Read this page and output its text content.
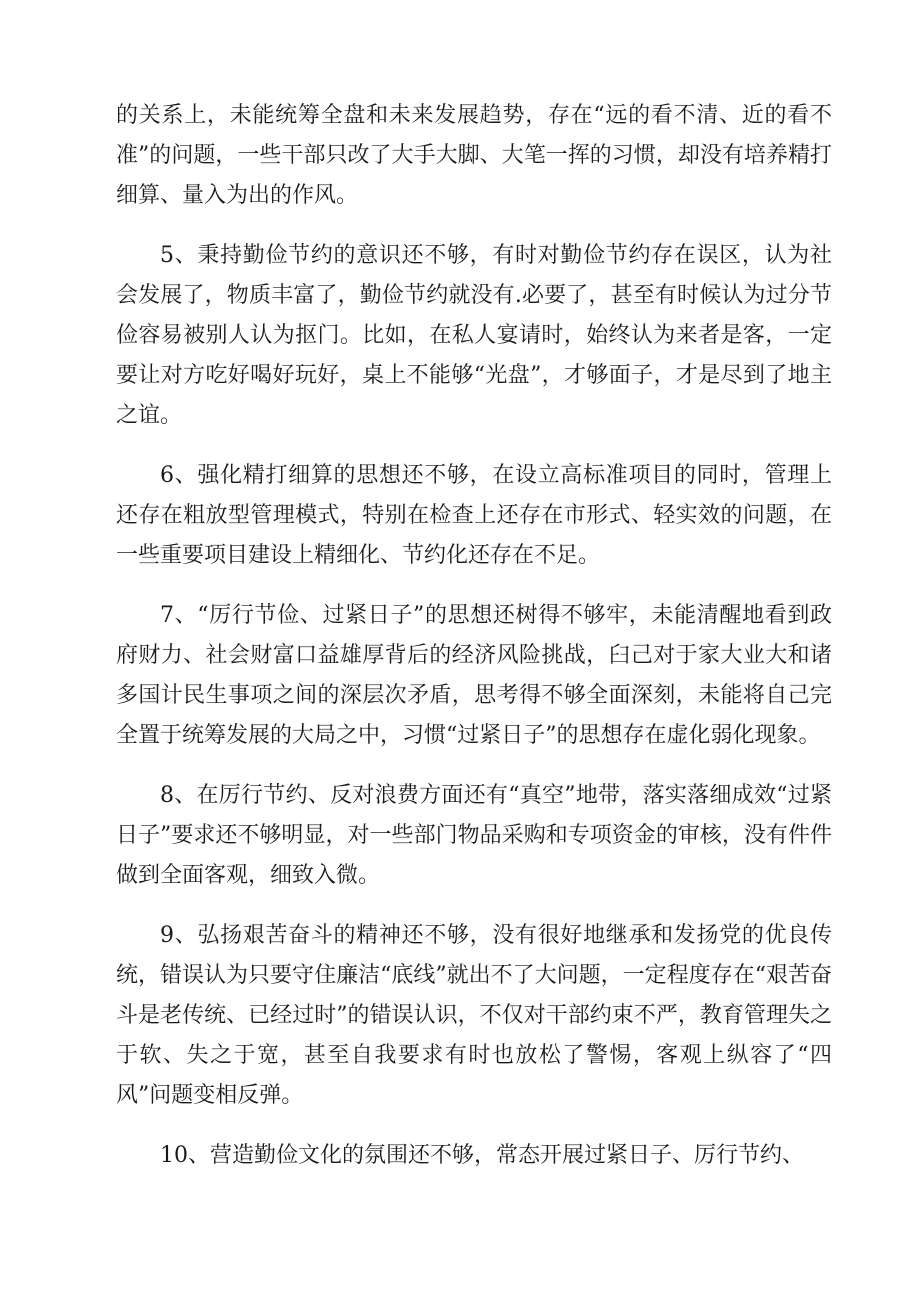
的关系上，未能统筹全盘和未来发展趋势，存在“远的看不清、近的看不准”的问题，一些干部只改了大手大脚、大笔一挥的习惯，却没有培养精打细算、量入为出的作风。

5、秉持勤俭节约的意识还不够，有时对勤俭节约存在误区，认为社会发展了，物质丰富了，勤俭节约就没有.必要了，甚至有时候认为过分节俭容易被别人认为抠门。比如，在私人宴请时，始终认为来者是客，一定要让对方吃好喝好玩好，桌上不能够“光盘”，才够面子，才是尽到了地主之谊。

6、强化精打细算的思想还不够，在设立高标准项目的同时，管理上还存在粗放型管理模式，特别在检查上还存在市形式、轻实效的问题，在一些重要项目建设上精细化、节约化还存在不足。

7、“厉行节俭、过紧日子”的思想还树得不够牢，未能清醒地看到政府财力、社会财富口益雄厚背后的经济风险挑战，臼己对于家大业大和诸多国计民生事项之间的深层次矛盾，思考得不够全面深刻，未能将自己完全置于统筹发展的大局之中，习惯“过紧日子”的思想存在虚化弱化现象。

8、在厉行节约、反对浪费方面还有“真空”地带，落实落细成效“过紧日子”要求还不够明显，对一些部门物品采购和专项资金的审核，没有件件做到全面客观，细致入微。

9、弘扬艰苦奋斗的精神还不够，没有很好地继承和发扬党的优良传统，错误认为只要守住廉洁“底线”就出不了大问题，一定程度存在“艰苦奋斗是老传统、已经过时”的错误认识，不仅对干部约束不严，教育管理失之于软、失之于宽，甚至自我要求有时也放松了警惕，客观上纵容了“四风”问题变相反弹。

10、营造勤俭文化的氛围还不够，常态开展过紧日子、厉行节约、
